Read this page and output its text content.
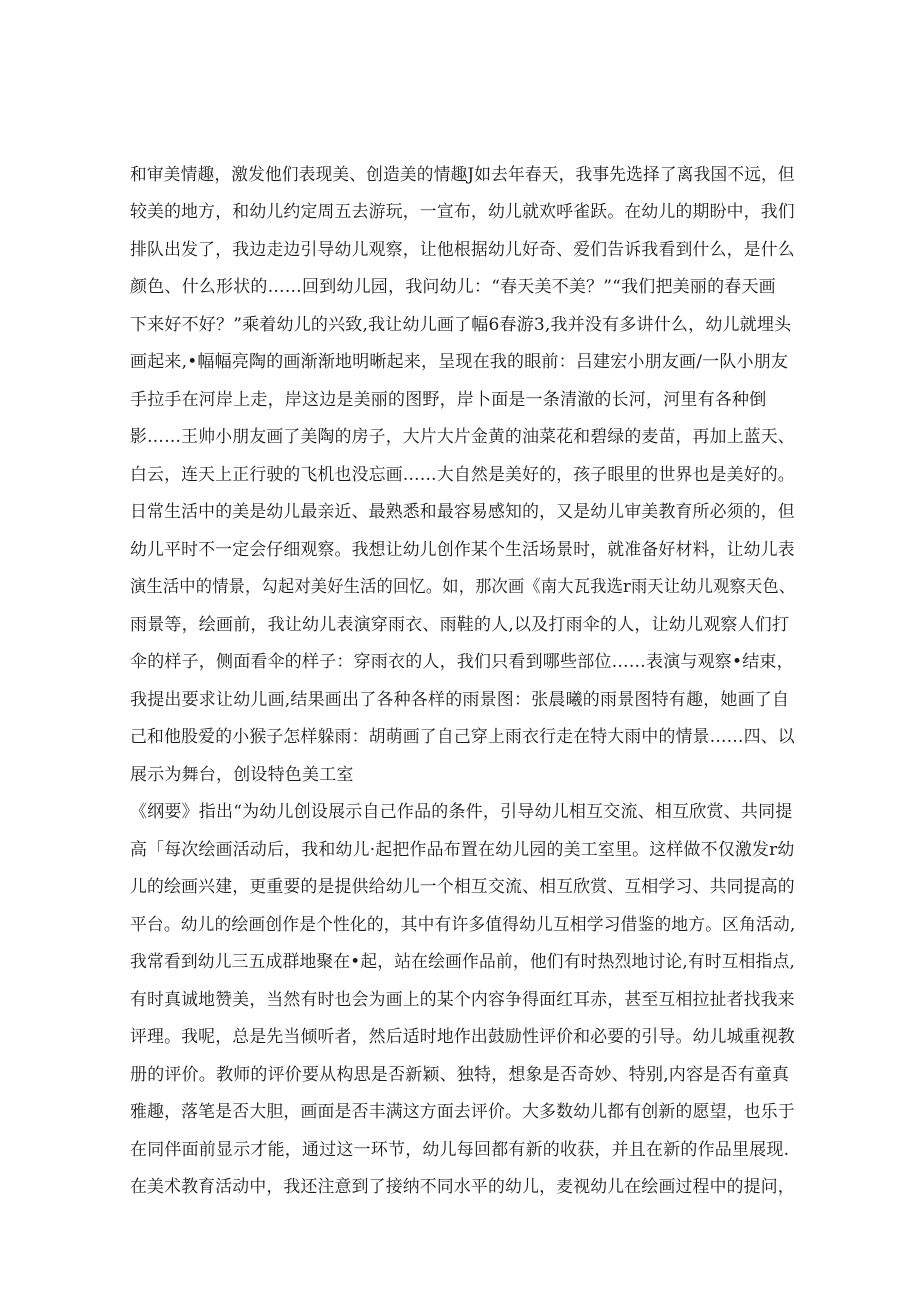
和审美情趣，激发他们表现美、创造美的情趣J如去年春天，我事先选择了离我国不远，但
较美的地方，和幼儿约定周五去游玩，一宣布，幼儿就欢呼雀跃。在幼儿的期盼中，我们
排队出发了，我边走边引导幼儿观察，让他根据幼儿好奇、爱们告诉我看到什么，是什么
颜色、什么形状的……回到幼儿园，我问幼儿：“春天美不美？”“我们把美丽的春天画
下来好不好？”乘着幼儿的兴致,我让幼儿画了幅6春游3,我并没有多讲什么，幼儿就埋头
画起来,•幅幅亮陶的画渐渐地明晰起来，呈现在我的眼前：吕建宏小朋友画/一队小朋友
手拉手在河岸上走，岸这边是美丽的图野，岸卜面是一条清澈的长河，河里有各种倒
影……王帅小朋友画了美陶的房子，大片大片金黄的油菜花和碧绿的麦苗，再加上蓝天、
白云，连天上正行驶的飞机也没忘画……大自然是美好的，孩子眼里的世界也是美好的。
日常生活中的美是幼儿最亲近、最熟悉和最容易感知的，又是幼儿审美教育所必须的，但
幼儿平时不一定会仔细观察。我想让幼儿创作某个生活场景时，就准备好材料，让幼儿表
演生活中的情景，勾起对美好生活的回忆。如，那次画《南大瓦我选r雨天让幼儿观察天色、
雨景等，绘画前，我让幼儿表演穿雨衣、雨鞋的人,以及打雨伞的人，让幼儿观察人们打
伞的样子，侧面看伞的样子：穿雨衣的人，我们只看到哪些部位……表演与观察•结束，
我提出要求让幼儿画,结果画出了各种各样的雨景图：张晨曦的雨景图特有趣，她画了自
己和他股爱的小猴子怎样躲雨：胡萌画了自己穿上雨衣行走在特大雨中的情景……四、以
展示为舞台，创设特色美工室
《纲要》指出“为幼儿创设展示自己作品的条件，引导幼儿相互交流、相互欣赏、共同提
高「每次绘画活动后，我和幼儿·起把作品布置在幼儿园的美工室里。这样做不仅激发r幼
儿的绘画兴建，更重要的是提供给幼儿一个相互交流、相互欣赏、互相学习、共同提高的
平台。幼儿的绘画创作是个性化的，其中有许多值得幼儿互相学习借鉴的地方。区角活动,
我常看到幼儿三五成群地聚在•起，站在绘画作品前，他们有时热烈地讨论,有时互相指点,
有时真诚地赞美，当然有时也会为画上的某个内容争得面红耳赤，甚至互相拉扯者找我来
评理。我呢，总是先当倾听者，然后适时地作出鼓励性评价和必要的引导。幼儿城重视教
册的评价。教师的评价要从构思是否新颖、独特，想象是否奇妙、特别,内容是否有童真
雅趣，落笔是否大胆，画面是否丰满这方面去评价。大多数幼儿都有创新的愿望，也乐于
在同伴面前显示才能，通过这一环节，幼儿每回都有新的收获，并且在新的作品里展现.
在美术教育活动中，我还注意到了接纳不同水平的幼儿，麦视幼儿在绘画过程中的提问，
